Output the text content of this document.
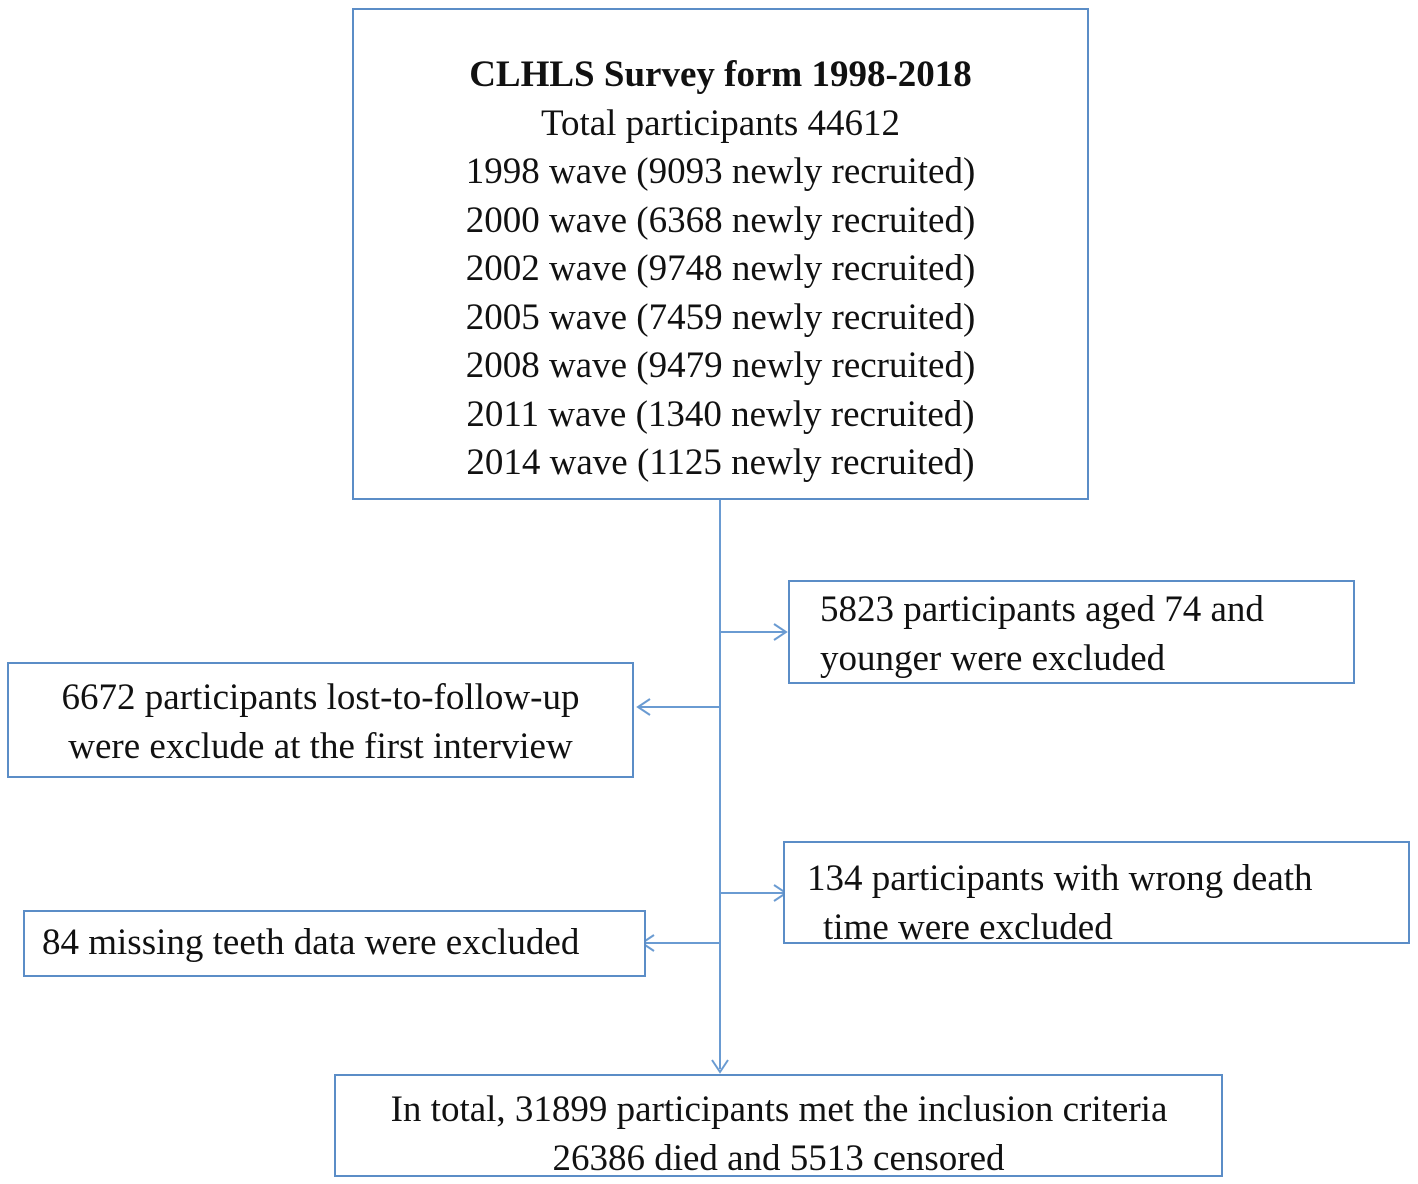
CLHLS Survey form 1998-2018
Total participants 44612
1998 wave (9093 newly recruited)
2000 wave (6368 newly recruited)
2002 wave (9748 newly recruited)
2005 wave (7459 newly recruited)
2008 wave (9479 newly recruited)
2011 wave (1340 newly recruited)
2014 wave (1125 newly recruited)
5823 participants aged 74 and
younger were excluded
6672 participants lost-to-follow-up
were exclude at the first interview
134 participants with wrong death
time were excluded
84 missing teeth data were excluded
In total, 31899 participants met the inclusion criteria
26386 died and 5513 censored
